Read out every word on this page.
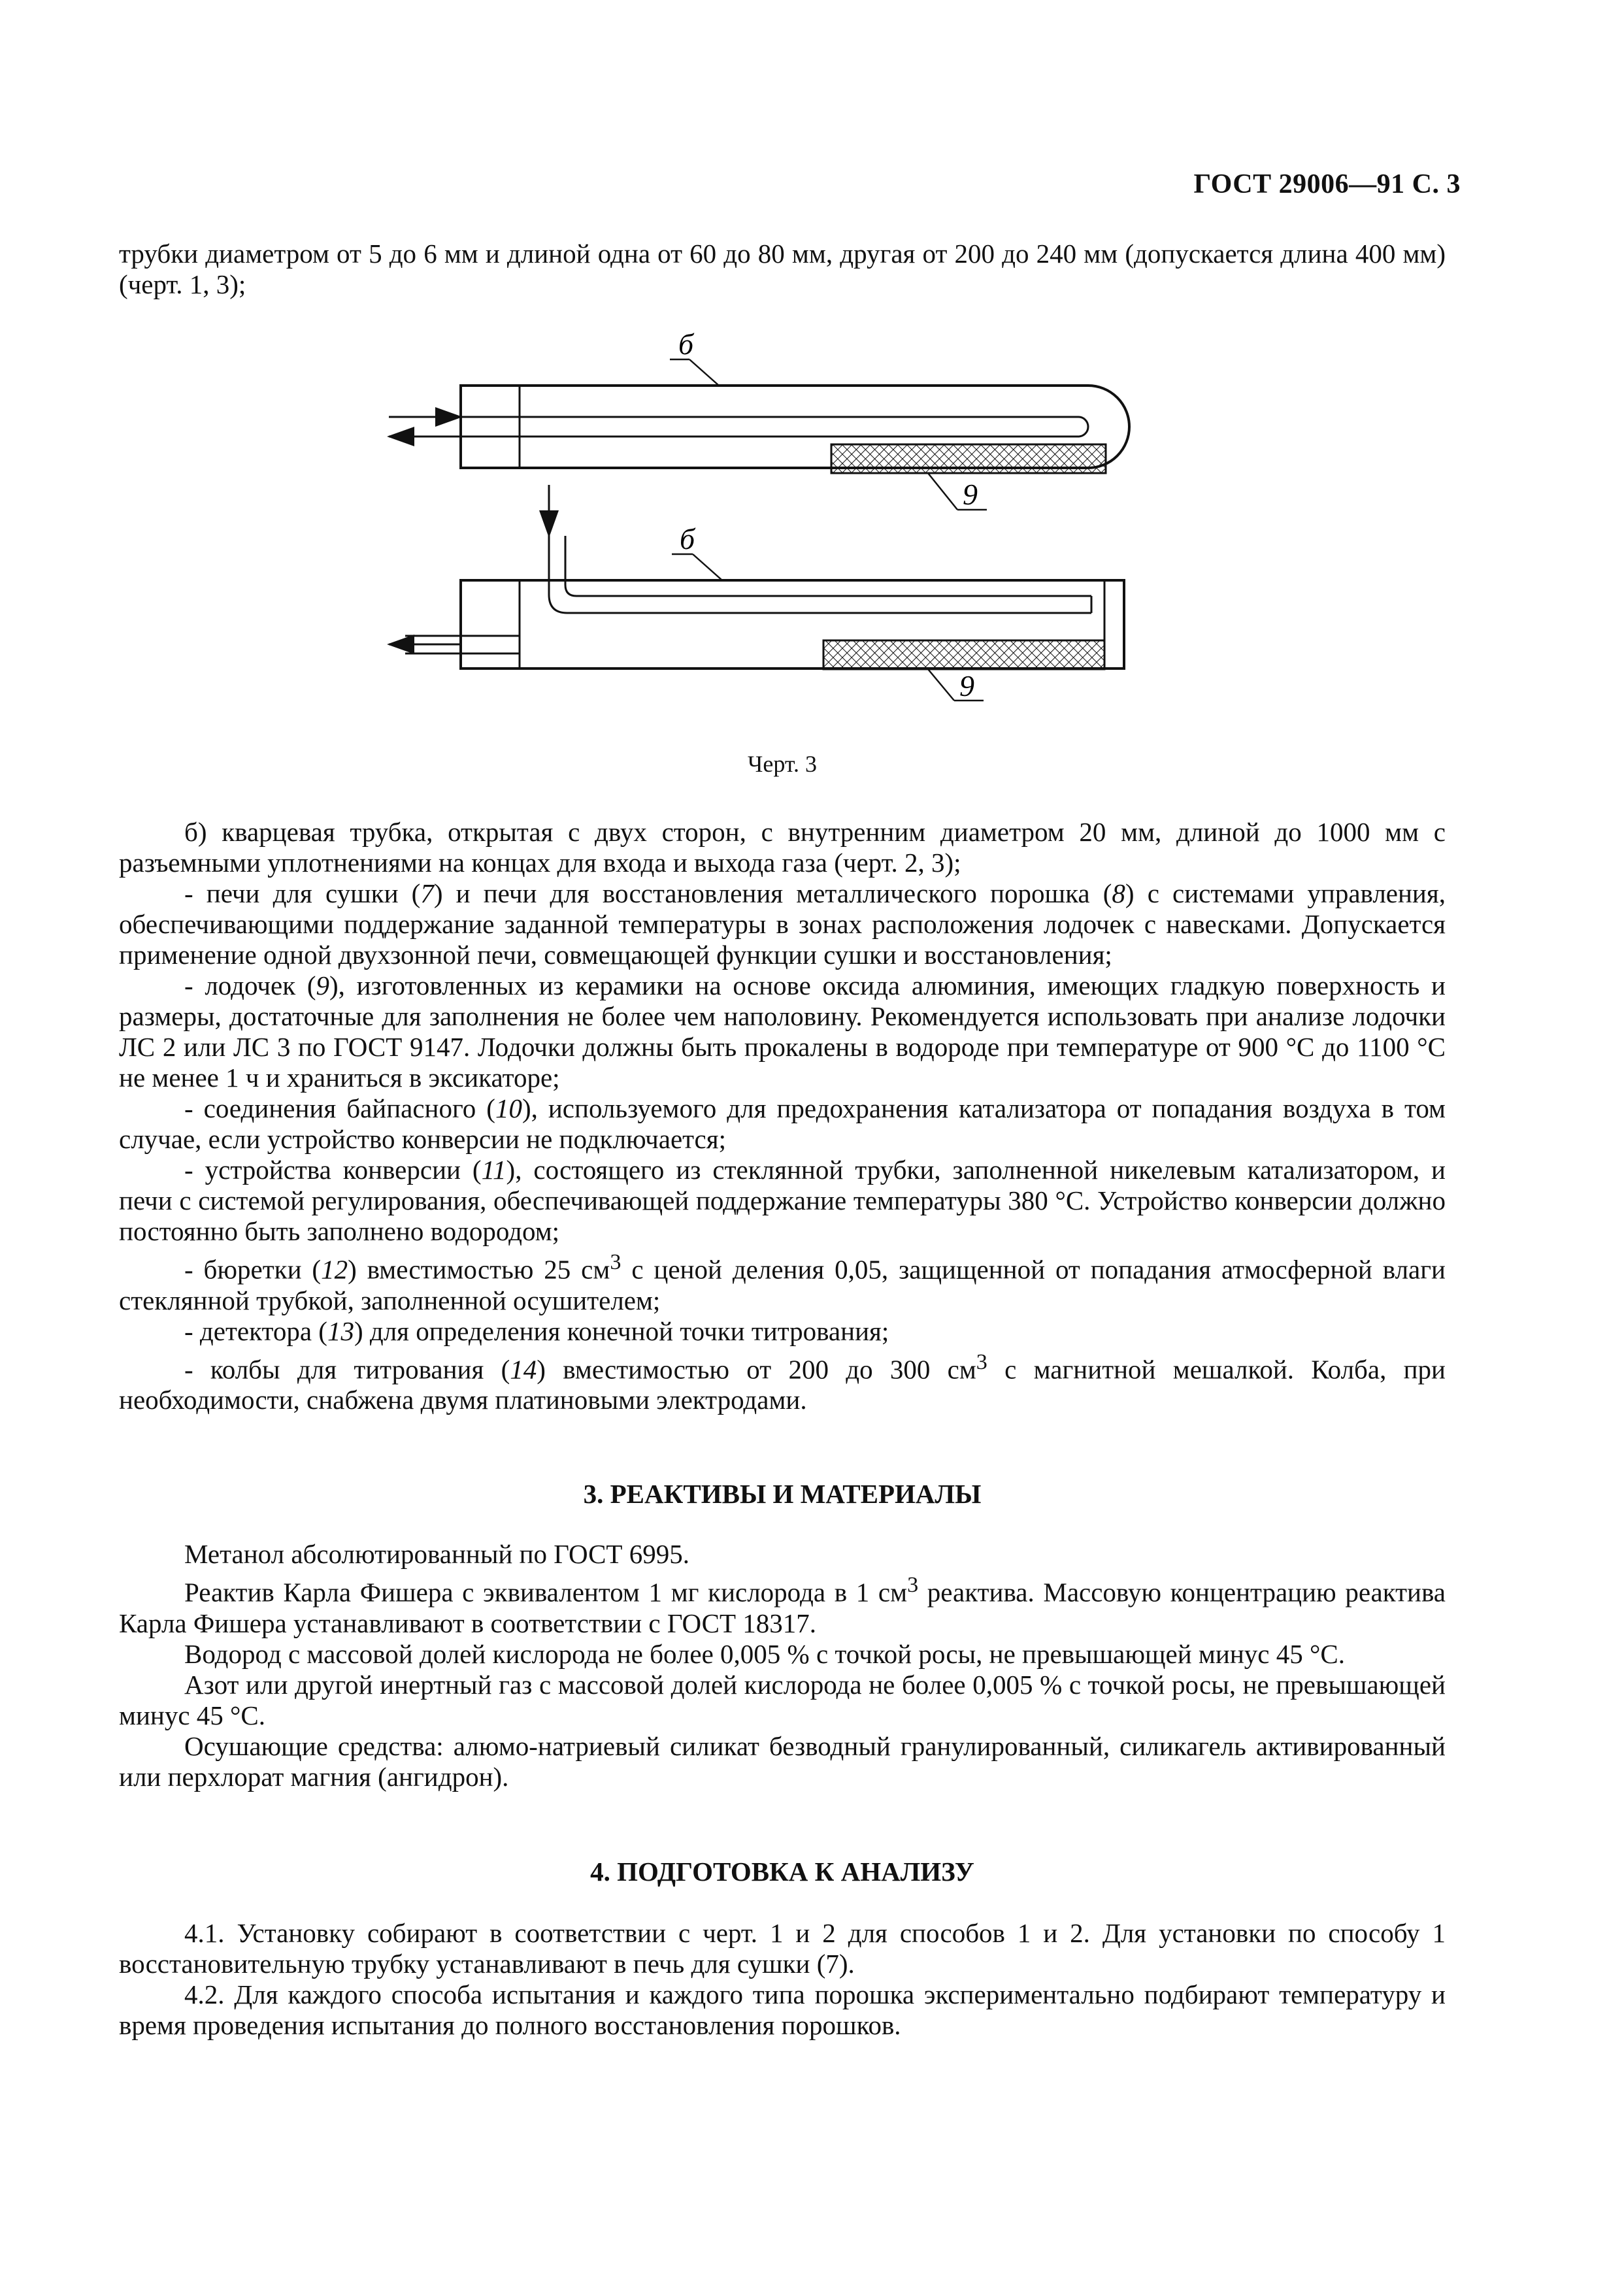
ГОСТ 29006—91 С. 3

трубки диаметром от 5 до 6 мм и длиной одна от 60 до 80 мм, другая от 200 до 240 мм (допускается длина 400 мм) (черт. 1, 3);

б
9
б
9
Черт. 3

б) кварцевая трубка, открытая с двух сторон, с внутренним диаметром 20 мм, длиной до 1000 мм с разъемными уплотнениями на концах для входа и выхода газа (черт. 2, 3);

- печи для сушки (7) и печи для восстановления металлического порошка (8) с системами управления, обеспечивающими поддержание заданной температуры в зонах расположения лодочек с навесками. Допускается применение одной двухзонной печи, совмещающей функции сушки и восстановления;

- лодочек (9), изготовленных из керамики на основе оксида алюминия, имеющих гладкую поверхность и размеры, достаточные для заполнения не более чем наполовину. Рекомендуется использовать при анализе лодочки ЛС 2 или ЛС 3 по ГОСТ 9147. Лодочки должны быть прокалены в водороде при температуре от 900 °С до 1100 °С не менее 1 ч и храниться в эксикаторе;

- соединения байпасного (10), используемого для предохранения катализатора от попадания воздуха в том случае, если устройство конверсии не подключается;

- устройства конверсии (11), состоящего из стеклянной трубки, заполненной никелевым катализатором, и печи с системой регулирования, обеспечивающей поддержание температуры 380 °С. Устройство конверсии должно постоянно быть заполнено водородом;

- бюретки (12) вместимостью 25 $см^3$ с ценой деления 0,05, защищенной от попадания атмосферной влаги стеклянной трубкой, заполненной осушителем;

- детектора (13) для определения конечной точки титрования;

- колбы для титрования (14) вместимостью от 200 до 300 $см^3$ с магнитной мешалкой. Колба, при необходимости, снабжена двумя платиновыми электродами.

3. РЕАКТИВЫ И МАТЕРИАЛЫ

Метанол абсолютированный по ГОСТ 6995.

Реактив Карла Фишера с эквивалентом 1 мг кислорода в 1 $см^3$ реактива. Массовую концентрацию реактива Карла Фишера устанавливают в соответствии с ГОСТ 18317.

Водород с массовой долей кислорода не более 0,005 % с точкой росы, не превышающей минус 45 °С.

Азот или другой инертный газ с массовой долей кислорода не более 0,005 % с точкой росы, не превышающей минус 45 °С.

Осушающие средства: алюмо-натриевый силикат безводный гранулированный, силикагель активированный или перхлорат магния (ангидрон).

4. ПОДГОТОВКА К АНАЛИЗУ

4.1. Установку собирают в соответствии с черт. 1 и 2 для способов 1 и 2. Для установки по способу 1 восстановительную трубку устанавливают в печь для сушки (7).

4.2. Для каждого способа испытания и каждого типа порошка экспериментально подбирают температуру и время проведения испытания до полного восстановления порошков.
